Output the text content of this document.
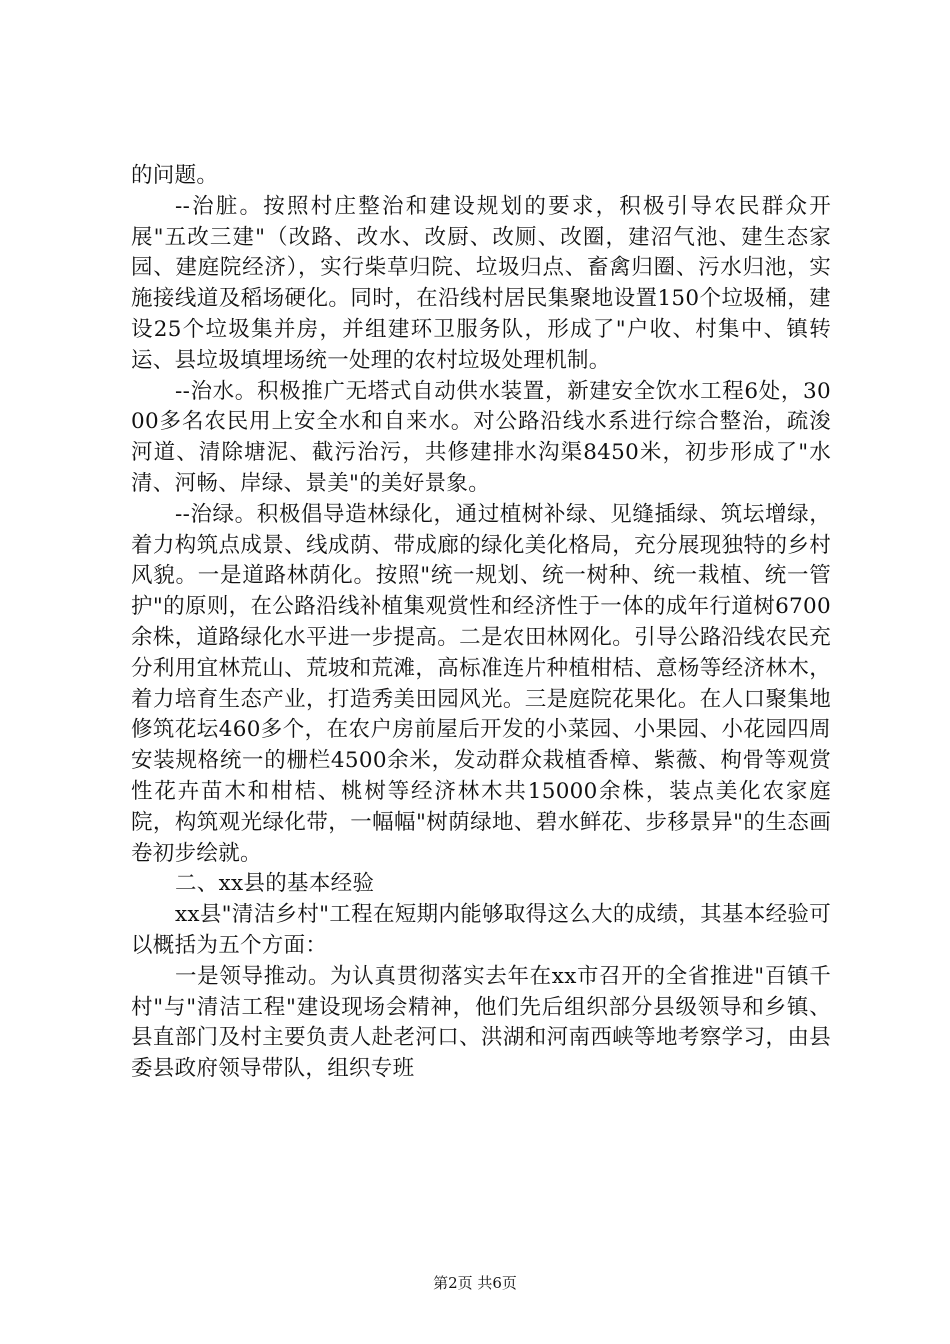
的问题。

--治脏。按照村庄整治和建设规划的要求，积极引导农民群众开展"五改三建"（改路、改水、改厨、改厕、改圈，建沼气池、建生态家园、建庭院经济），实行柴草归院、垃圾归点、畜禽归圈、污水归池，实施接线道及稻场硬化。同时，在沿线村居民集聚地设置150个垃圾桶，建设25个垃圾集并房，并组建环卫服务队，形成了"户收、村集中、镇转运、县垃圾填埋场统一处理的农村垃圾处理机制。

--治水。积极推广无塔式自动供水装置，新建安全饮水工程6处，3000多名农民用上安全水和自来水。对公路沿线水系进行综合整治，疏浚河道、清除塘泥、截污治污，共修建排水沟渠8450米，初步形成了"水清、河畅、岸绿、景美"的美好景象。

--治绿。积极倡导造林绿化，通过植树补绿、见缝插绿、筑坛增绿，着力构筑点成景、线成荫、带成廊的绿化美化格局，充分展现独特的乡村风貌。一是道路林荫化。按照"统一规划、统一树种、统一栽植、统一管护"的原则，在公路沿线补植集观赏性和经济性于一体的成年行道树6700余株，道路绿化水平进一步提高。二是农田林网化。引导公路沿线农民充分利用宜林荒山、荒坡和荒滩，高标准连片种植柑桔、意杨等经济林木，着力培育生态产业，打造秀美田园风光。三是庭院花果化。在人口聚集地修筑花坛460多个，在农户房前屋后开发的小菜园、小果园、小花园四周安装规格统一的栅栏4500余米，发动群众栽植香樟、紫薇、枸骨等观赏性花卉苗木和柑桔、桃树等经济林木共15000余株，装点美化农家庭院，构筑观光绿化带，一幅幅"树荫绿地、碧水鲜花、步移景异"的生态画卷初步绘就。

二、xx县的基本经验

xx县"清洁乡村"工程在短期内能够取得这么大的成绩，其基本经验可以概括为五个方面：

一是领导推动。为认真贯彻落实去年在xx市召开的全省推进"百镇千村"与"清洁工程"建设现场会精神，他们先后组织部分县级领导和乡镇、县直部门及村主要负责人赴老河口、洪湖和河南西峡等地考察学习，由县委县政府领导带队，组织专班

第2页 共6页
